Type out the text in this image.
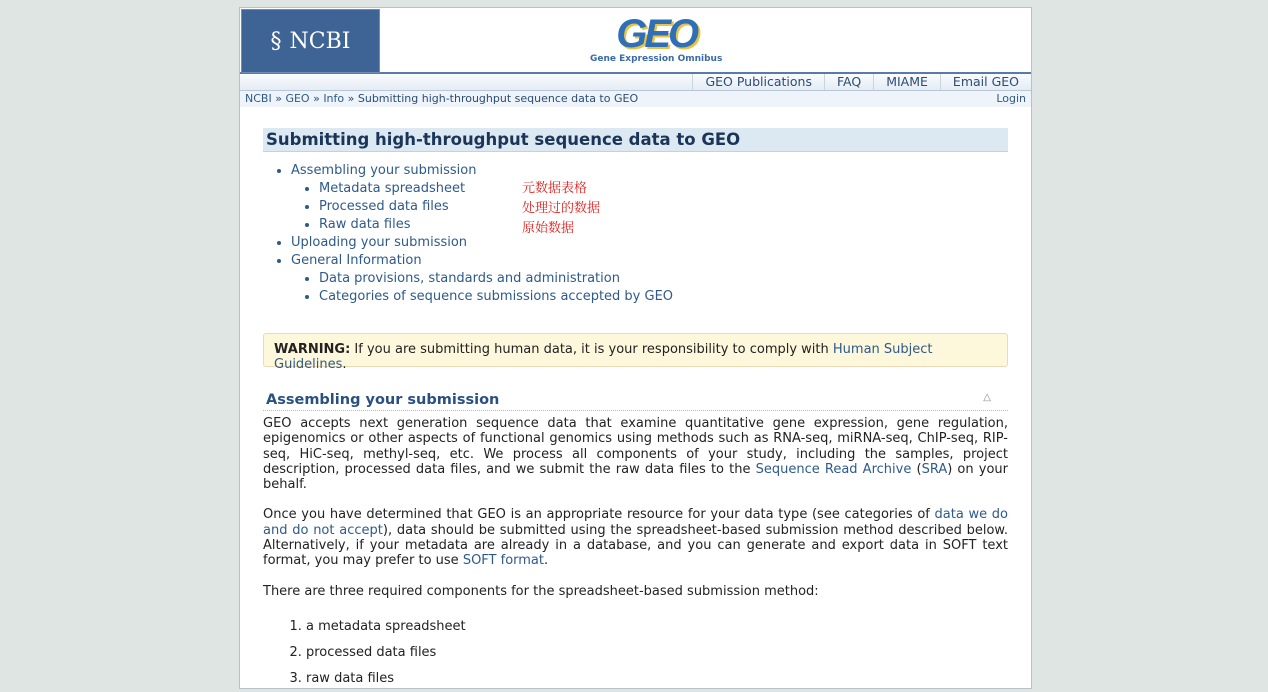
§ NCBI	GEO
Gene Expression Omnibus
GEO Publications	FAQ	MIAME	Email GEO
NCBI » GEO » Info » Submitting high-throughput sequence data to GEO	Login
Submitting high-throughput sequence data to GEO
• Assembling your submission
• Metadata spreadsheet	元数据表格
• Processed data files	处理过的数据
• Raw data files	原始数据
• Uploading your submission
• General Information
• Data provisions, standards and administration
• Categories of sequence submissions accepted by GEO
WARNING: If you are submitting human data, it is your responsibility to comply with Human Subject Guidelines.
Assembling your submission	△

GEO accepts next generation sequence data that examine quantitative gene expression, gene regulation, epigenomics or other aspects of functional genomics using methods such as RNA-seq, miRNA-seq, ChIP-seq, RIP-seq, HiC-seq, methyl-seq, etc. We process all components of your study, including the samples, project description, processed data files, and we submit the raw data files to the Sequence Read Archive (SRA) on your behalf.

Once you have determined that GEO is an appropriate resource for your data type (see categories of data we do and do not accept), data should be submitted using the spreadsheet-based submission method described below. Alternatively, if your metadata are already in a database, and you can generate and export data in SOFT text format, you may prefer to use SOFT format.

There are three required components for the spreadsheet-based submission method:

1. a metadata spreadsheet
2. processed data files
3. raw data files
